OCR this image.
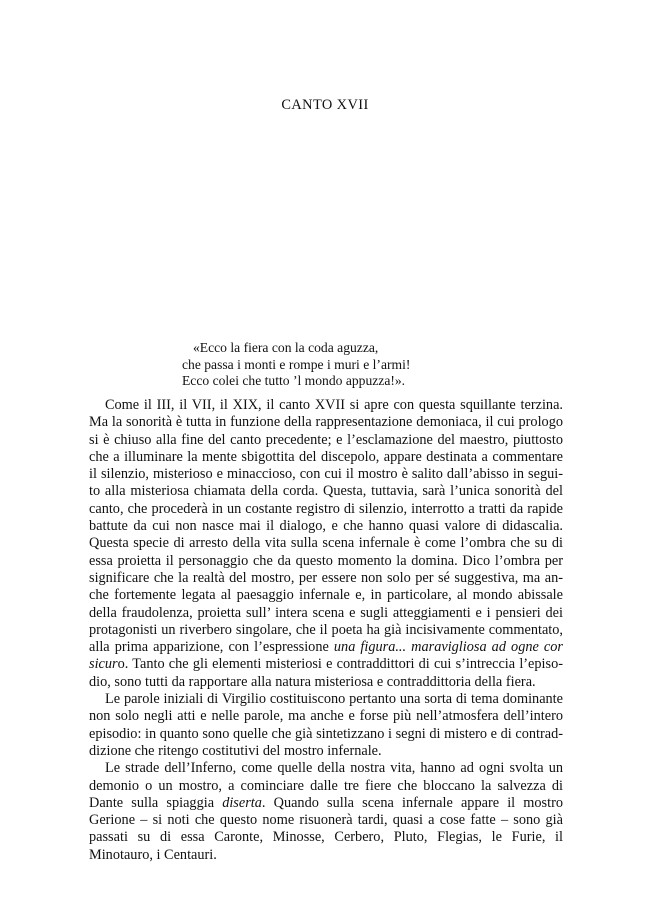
CANTO XVII
«Ecco la fiera con la coda aguzza,
che passa i monti e rompe i muri e l’armi!
Ecco colei che tutto ’l mondo appuzza!».

Come il III, il VII, il XIX, il canto XVII si apre con questa squillante terzina. Ma la sonorità è tutta in funzione della rappresentazione demoniaca, il cui prologo si è chiuso alla fine del canto precedente; e l’esclamazione del maestro, piuttosto che a illuminare la mente sbigottita del discepolo, appare destinata a commentare il silenzio, misterioso e minaccioso, con cui il mostro è salito dall’abisso in seguito alla misteriosa chiamata della corda. Questa, tuttavia, sarà l’unica sonorità del canto, che procederà in un costante registro di silenzio, interrotto a tratti da rapide battute da cui non nasce mai il dialogo, e che hanno quasi valore di didascalia. Questa specie di arresto della vita sulla scena infernale è come l’ombra che su di essa proietta il personaggio che da questo momento la domina. Dico l’ombra per significare che la realtà del mostro, per essere non solo per sé suggestiva, ma anche fortemente legata al paesaggio infernale e, in particolare, al mondo abissale della fraudolenza, proietta sull’ intera scena e sugli atteggiamenti e i pensieri dei protagonisti un riverbero singolare, che il poeta ha già incisivamente commentato, alla prima apparizione, con l’espressione una figura... maravigliosa ad ogne cor sicuro. Tanto che gli elementi misteriosi e contraddittori di cui s’intreccia l’episodio, sono tutti da rapportare alla natura misteriosa e contraddittoria della fiera.

Le parole iniziali di Virgilio costituiscono pertanto una sorta di tema dominante non solo negli atti e nelle parole, ma anche e forse più nell’atmosfera dell’intero episodio: in quanto sono quelle che già sintetizzano i segni di mistero e di contraddizione che ritengo costitutivi del mostro infernale.

Le strade dell’Inferno, come quelle della nostra vita, hanno ad ogni svolta un demonio o un mostro, a cominciare dalle tre fiere che bloccano la salvezza di Dante sulla spiaggia diserta. Quando sulla scena infernale appare il mostro Gerione – si noti che questo nome risuonerà tardi, quasi a cose fatte – sono già passati su di essa Caronte, Minosse, Cerbero, Pluto, Flegias, le Furie, il Minotauro, i Centauri.
